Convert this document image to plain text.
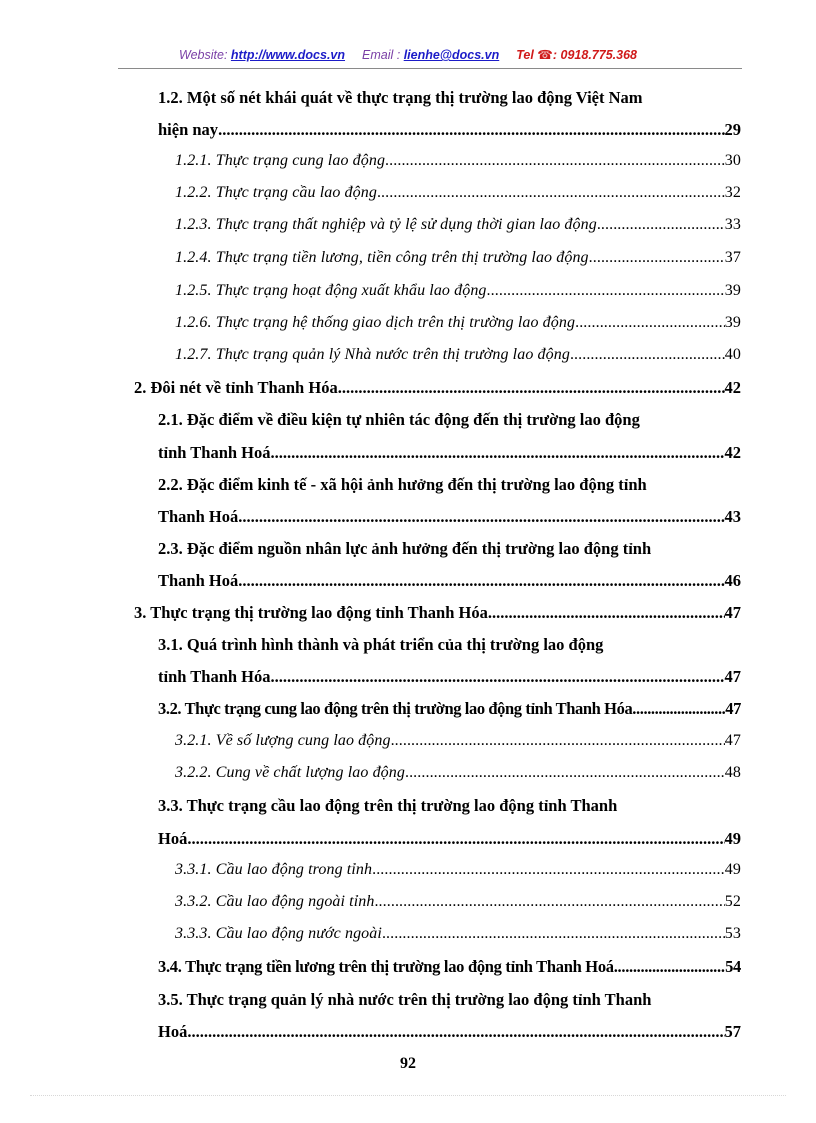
Website: http://www.docs.vn Email : lienhe@docs.vn Tel ☎: 0918.775.368
1.2. Một số nét khái quát về thực trạng thị trường lao động Việt Nam
hiện nay .....	29
1.2.1. Thực trạng cung lao động .....	30
1.2.2. Thực trạng cầu lao động .....	32
1.2.3. Thực trạng thất nghiệp và tỷ lệ sử dụng thời gian lao động .....	33
1.2.4. Thực trạng tiền lương, tiền công trên thị trường lao động .....	37
1.2.5. Thực trạng hoạt động xuất khẩu lao động .....	39
1.2.6. Thực trạng hệ thống giao dịch trên thị trường lao động .....	39
1.2.7. Thực trạng quản lý Nhà nước trên thị trường lao động .....	40
2. Đôi nét về tỉnh Thanh Hóa .....	42
2.1. Đặc điểm về điều kiện tự nhiên tác động đến thị trường lao động
tỉnh Thanh Hoá .....	42
2.2. Đặc điểm kinh tế - xã hội ảnh hưởng đến thị trường lao động tỉnh
Thanh Hoá .....	43
2.3. Đặc điểm nguồn nhân lực ảnh hưởng đến thị trường lao động tỉnh
Thanh Hoá .....	46
3. Thực trạng thị trường lao động tỉnh Thanh Hóa .....	47
3.1. Quá trình hình thành và phát triển của thị trường lao động
tỉnh Thanh Hóa .....	47
3.2. Thực trạng cung lao động trên thị trường lao động tỉnh Thanh Hóa .....	.47
3.2.1. Về số lượng cung lao động .....	47
3.2.2. Cung về chất lượng lao động .....	48
3.3. Thực trạng cầu lao động trên thị trường lao động tỉnh Thanh
Hoá .....	49
3.3.1. Cầu lao động trong tỉnh .....	49
3.3.2. Cầu lao động ngoài tỉnh .....	52
3.3.3. Cầu lao động nước ngoài .....	53
3.4. Thực trạng tiền lương trên thị trường lao động tỉnh Thanh Hoá .....	54
3.5. Thực trạng quản lý nhà nước trên thị trường lao động tỉnh Thanh
Hoá .....	57
92
